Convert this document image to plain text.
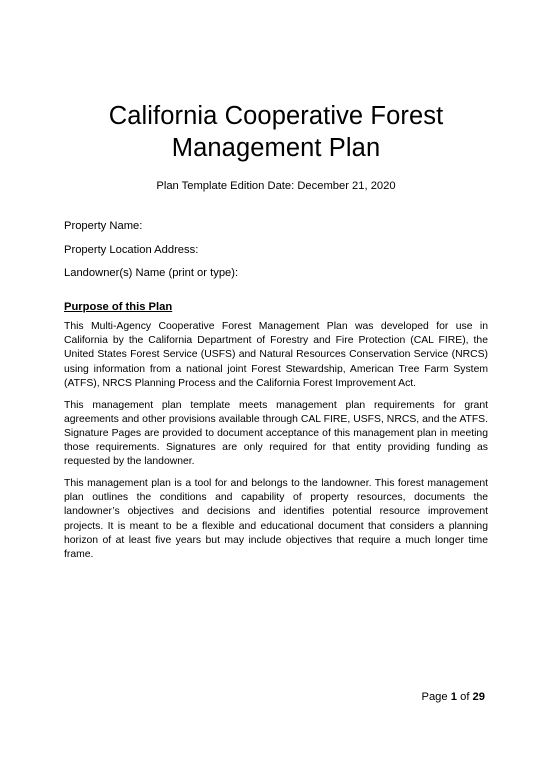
California Cooperative Forest
Management Plan
Plan Template Edition Date: December 21, 2020
Property Name:
Property Location Address:
Landowner(s) Name (print or type):
Purpose of this Plan

This Multi-Agency Cooperative Forest Management Plan was developed for use in California by the California Department of Forestry and Fire Protection (CAL FIRE), the United States Forest Service (USFS) and Natural Resources Conservation Service (NRCS) using information from a national joint Forest Stewardship, American Tree Farm System (ATFS), NRCS Planning Process and the California Forest Improvement Act.

This management plan template meets management plan requirements for grant agreements and other provisions available through CAL FIRE, USFS, NRCS, and the ATFS. Signature Pages are provided to document acceptance of this management plan in meeting those requirements. Signatures are only required for that entity providing funding as requested by the landowner.

This management plan is a tool for and belongs to the landowner. This forest management plan outlines the conditions and capability of property resources, documents the landowner’s objectives and decisions and identifies potential resource improvement projects. It is meant to be a flexible and educational document that considers a planning horizon of at least five years but may include objectives that require a much longer time frame.

Page 1 of 29
